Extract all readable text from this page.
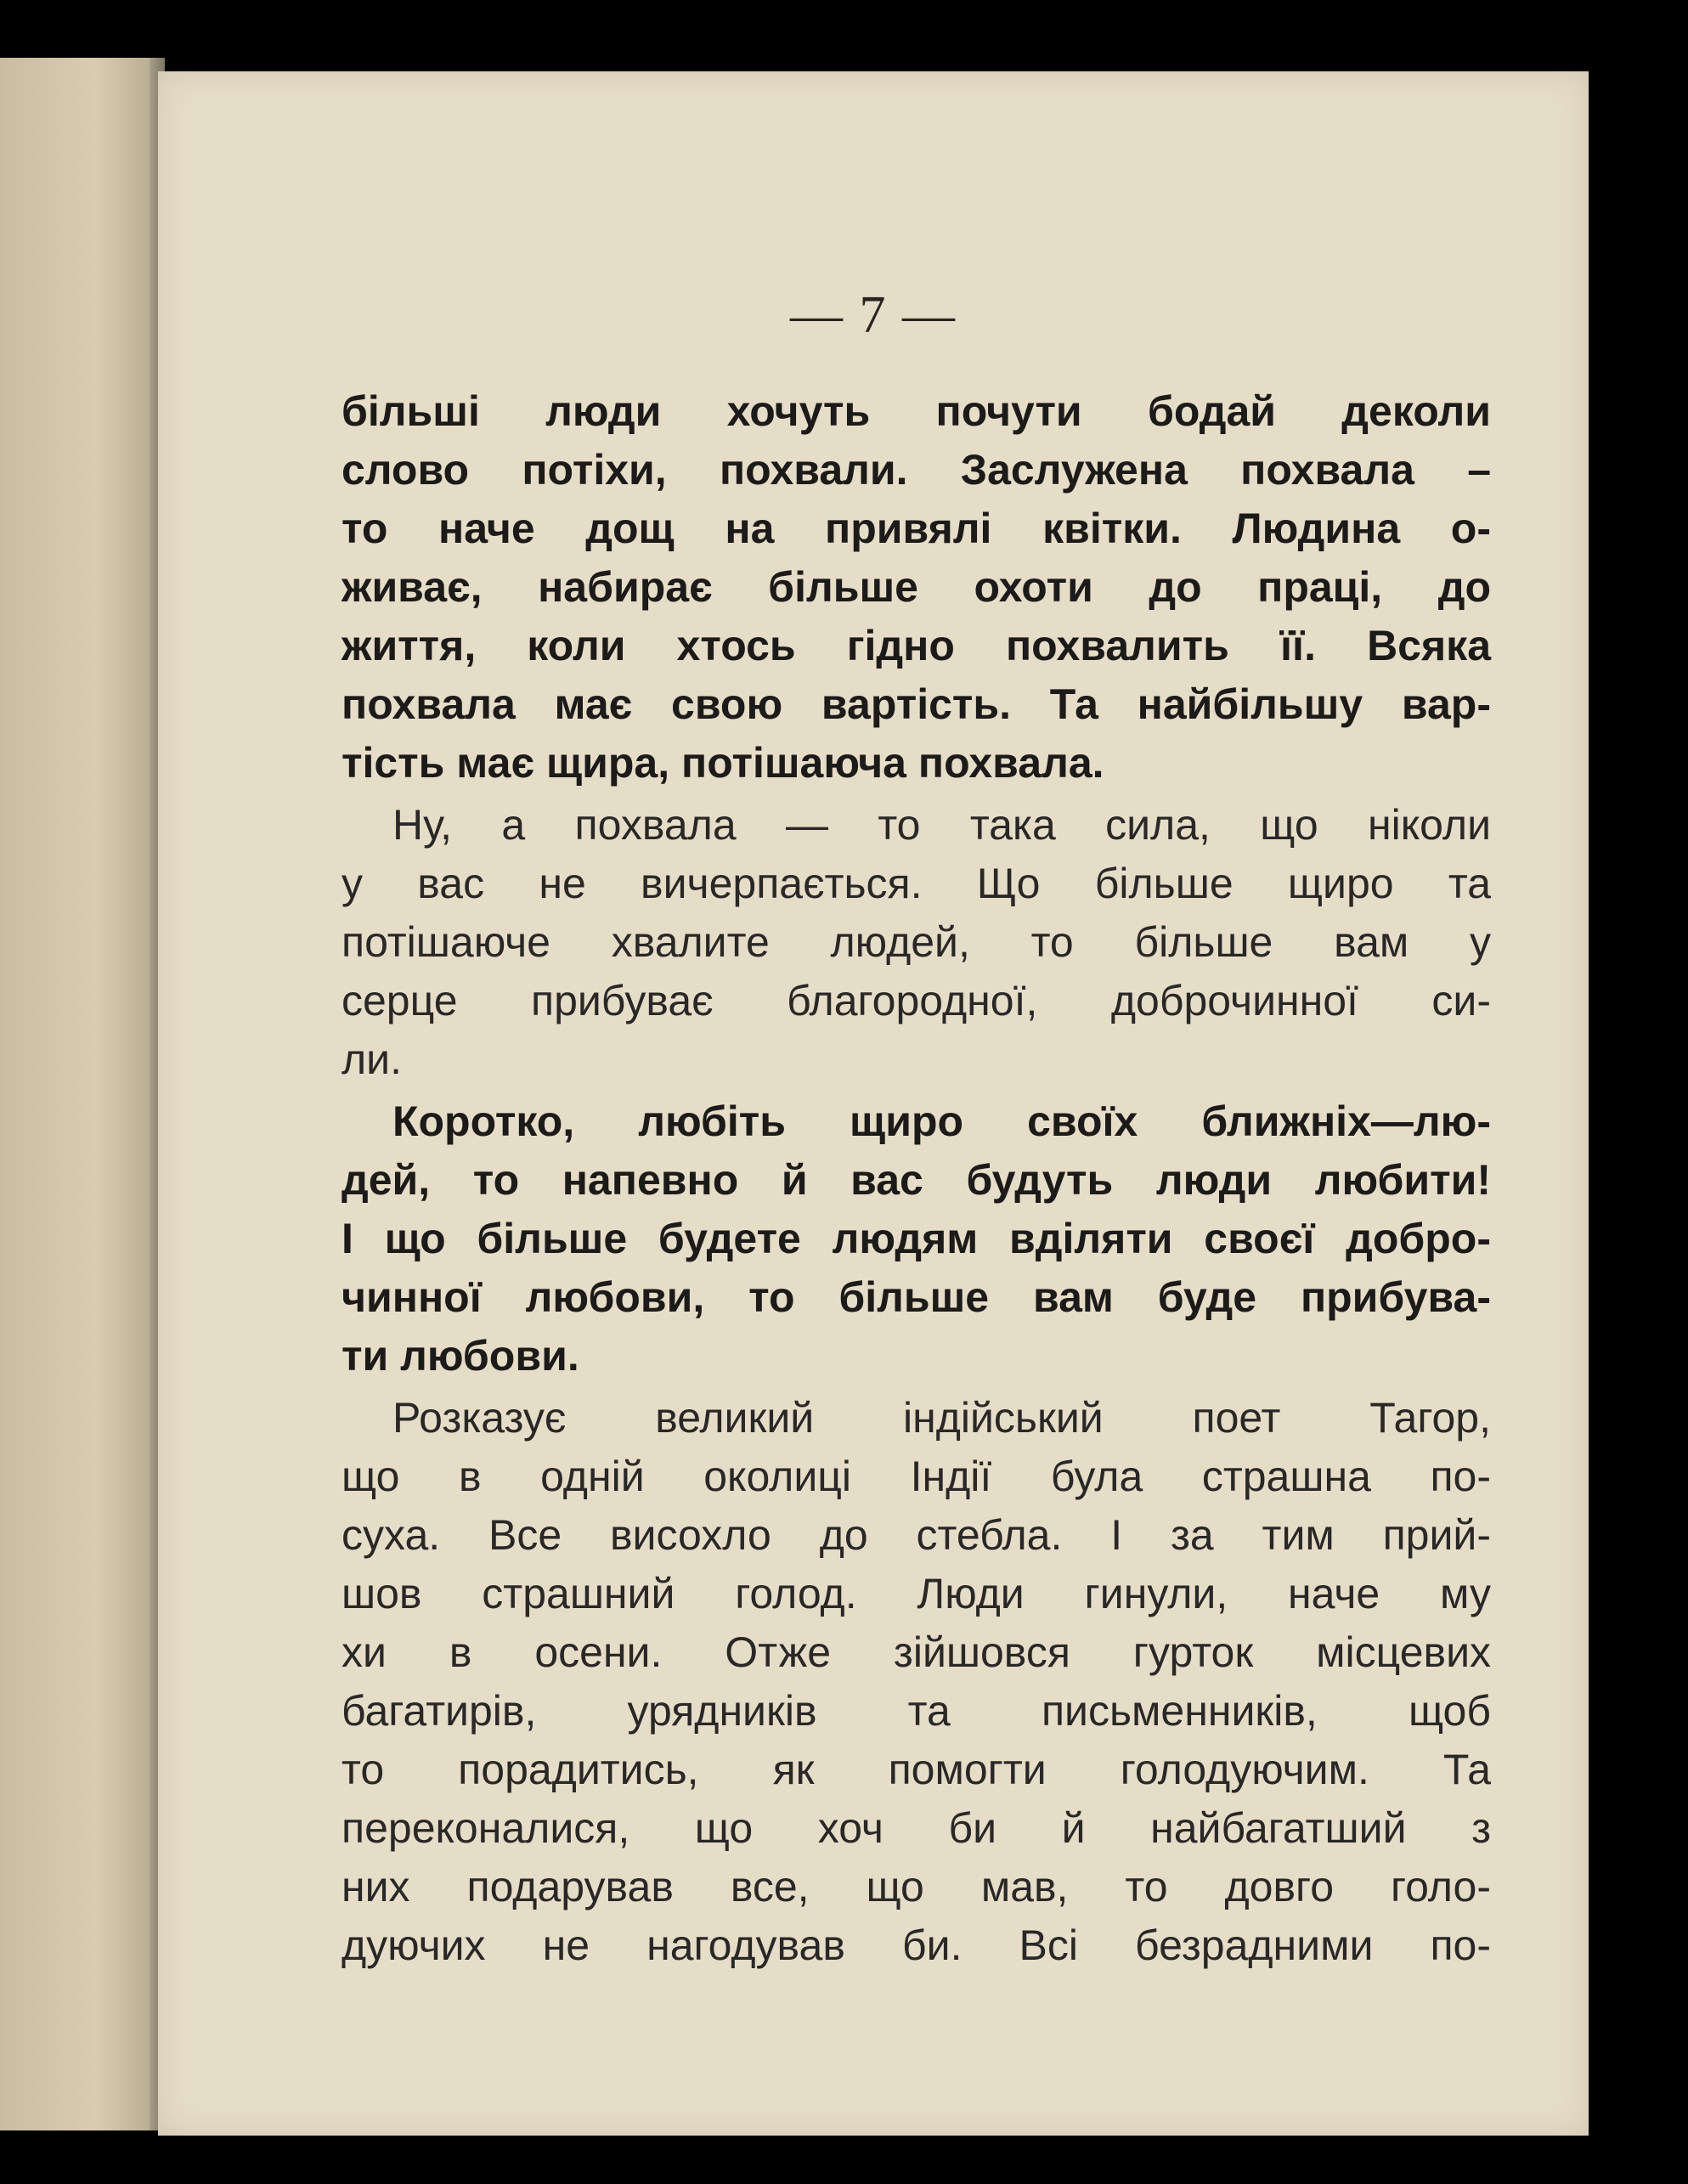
— 7 —
більші люди хочуть почути бодай деколи
слово потіхи, похвали. Заслужена похвала –
то наче дощ на привялі квітки. Людина о-
живає, набирає більше охоти до праці, до
життя, коли хтось гідно похвалить її. Всяка
похвала має свою вартість. Та найбільшу вар-
тість має щира, потішаюча похвала.
Ну, а похвала — то така сила, що ніколи
у вас не вичерпається. Що більше щиро та
потішаюче хвалите людей, то більше вам у
серце прибуває благородної, доброчинної си-
ли.
Коротко, любіть щиро своїх ближніх—лю-
дей, то напевно й вас будуть люди любити!
І що більше будете людям вділяти своєї добро-
чинної любови, то більше вам буде прибува-
ти любови.
Розказує великий індійський поет Тагор,
що в одній околиці Індії була страшна по-
суха. Все висохло до стебла. І за тим прий-
шов страшний голод. Люди гинули, наче му
хи в осени. Отже зійшовся гурток місцевих
багатирів, урядників та письменників, щоб
то порадитись, як помогти голодуючим. Та
переконалися, що хоч би й найбагатший з
них подарував все, що мав, то довго голо-
дуючих не нагодував би. Всі безрадними по-
